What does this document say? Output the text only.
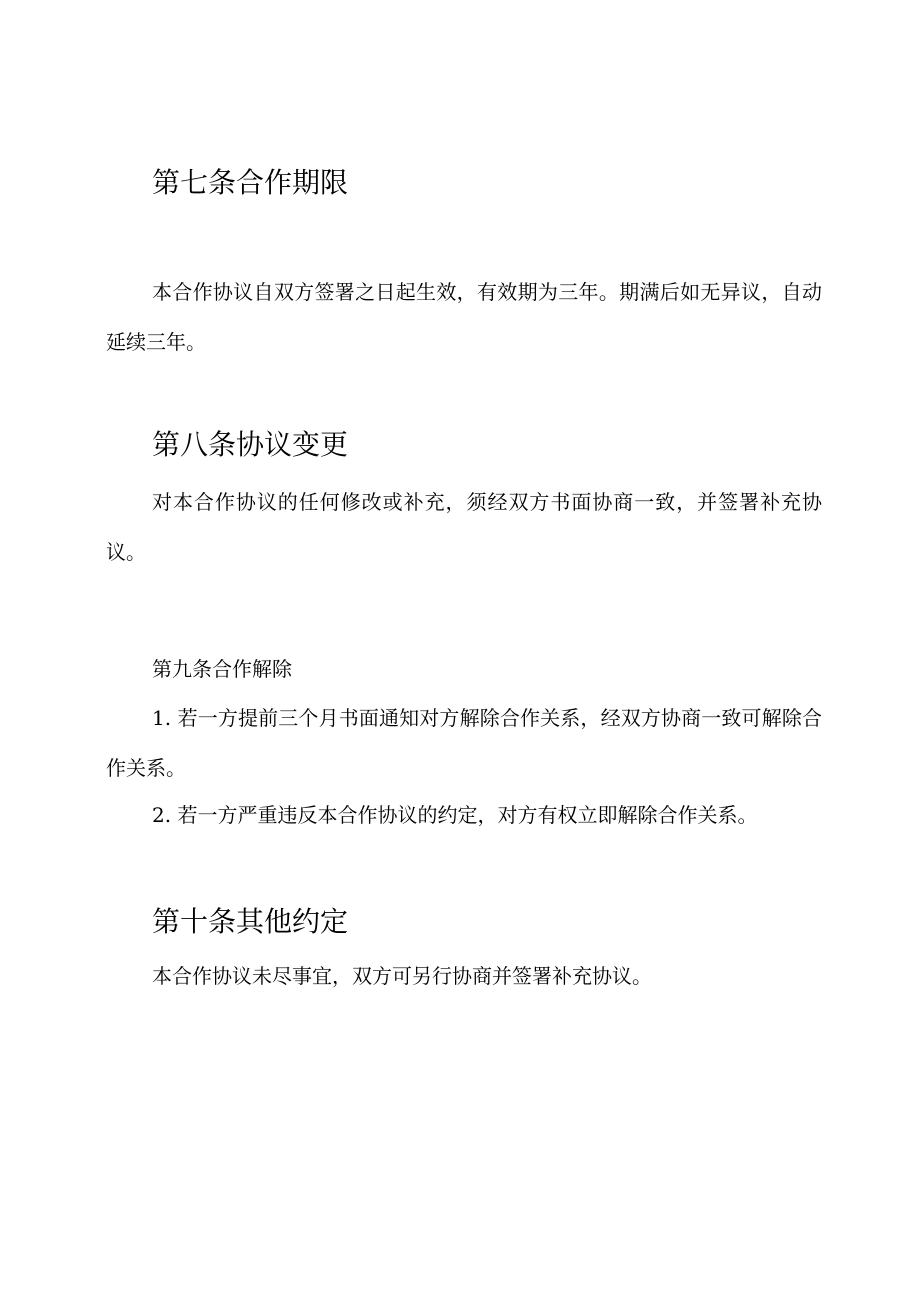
第七条合作期限

本合作协议自双方签署之日起生效，有效期为三年。期满后如无异议，自动延续三年。

第八条协议变更

对本合作协议的任何修改或补充，须经双方书面协商一致，并签署补充协议。

第九条合作解除

1. 若一方提前三个月书面通知对方解除合作关系，经双方协商一致可解除合作关系。

2. 若一方严重违反本合作协议的约定，对方有权立即解除合作关系。

第十条其他约定

本合作协议未尽事宜，双方可另行协商并签署补充协议。
